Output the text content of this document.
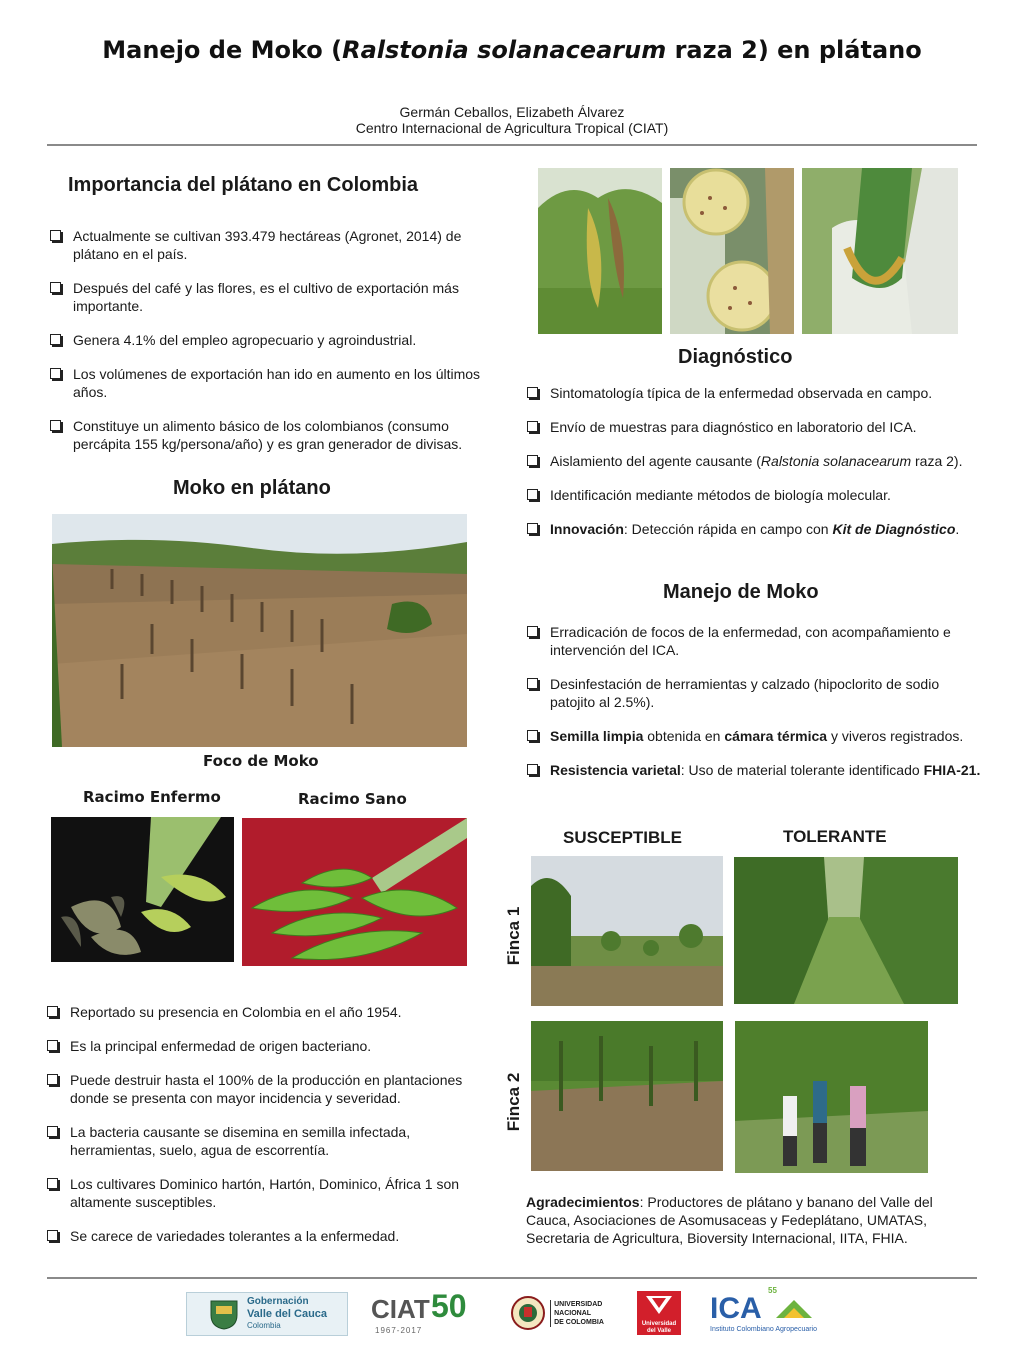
Manejo de Moko (Ralstonia solanacearum raza 2) en plátano
Germán Ceballos, Elizabeth Álvarez
Centro Internacional de Agricultura Tropical (CIAT)
Importancia del plátano en Colombia
Actualmente se cultivan 393.479 hectáreas (Agronet, 2014) de plátano en el país.
Después del café y las flores, es el cultivo de exportación más importante.
Genera 4.1% del empleo agropecuario y agroindustrial.
Los volúmenes de exportación han ido en aumento en los últimos años.
Constituye un alimento básico de los colombianos (consumo percápita 155 kg/persona/año) y es gran generador de divisas.
Moko en plátano
Foco de Moko
Racimo Enfermo	Racimo Sano
Reportado su presencia en Colombia en el año 1954.
Es la principal enfermedad de origen bacteriano.
Puede destruir hasta el 100% de la producción en plantaciones donde se presenta con mayor incidencia y severidad.
La bacteria causante se disemina en semilla infectada, herramientas, suelo, agua de escorrentía.
Los cultivares Dominico hartón, Hartón, Dominico, África 1 son altamente susceptibles.
Se carece de variedades tolerantes a la enfermedad.
Diagnóstico
Sintomatología típica de la enfermedad observada en campo.
Envío de muestras para diagnóstico en laboratorio del ICA.
Aislamiento del agente causante (Ralstonia solanacearum raza 2).
Identificación mediante métodos de biología molecular.
Innovación: Detección rápida en campo con Kit de Diagnóstico.
Manejo de Moko
Erradicación de focos de la enfermedad, con acompañamiento e intervención del ICA.
Desinfestación de herramientas y calzado (hipoclorito de sodio patojito al 2.5%).
Semilla limpia obtenida en cámara térmica y viveros registrados.
Resistencia varietal: Uso de material tolerante identificado FHIA-21.
SUSCEPTIBLE	TOLERANTE
Finca 1
Finca 2
Agradecimientos: Productores de plátano y banano del Valle del Cauca, Asociaciones de Asomusaceas y Fedeplátano, UMATAS, Secretaria de Agricultura, Bioversity Internacional, IITA, FHIA.
Gobernación
Valle del Cauca
Colombia
CIAT 50
1967-2017
UNIVERSIDAD
NACIONAL
DE COLOMBIA	Universidad
del Valle
ICA
55
Instituto Colombiano Agropecuario
